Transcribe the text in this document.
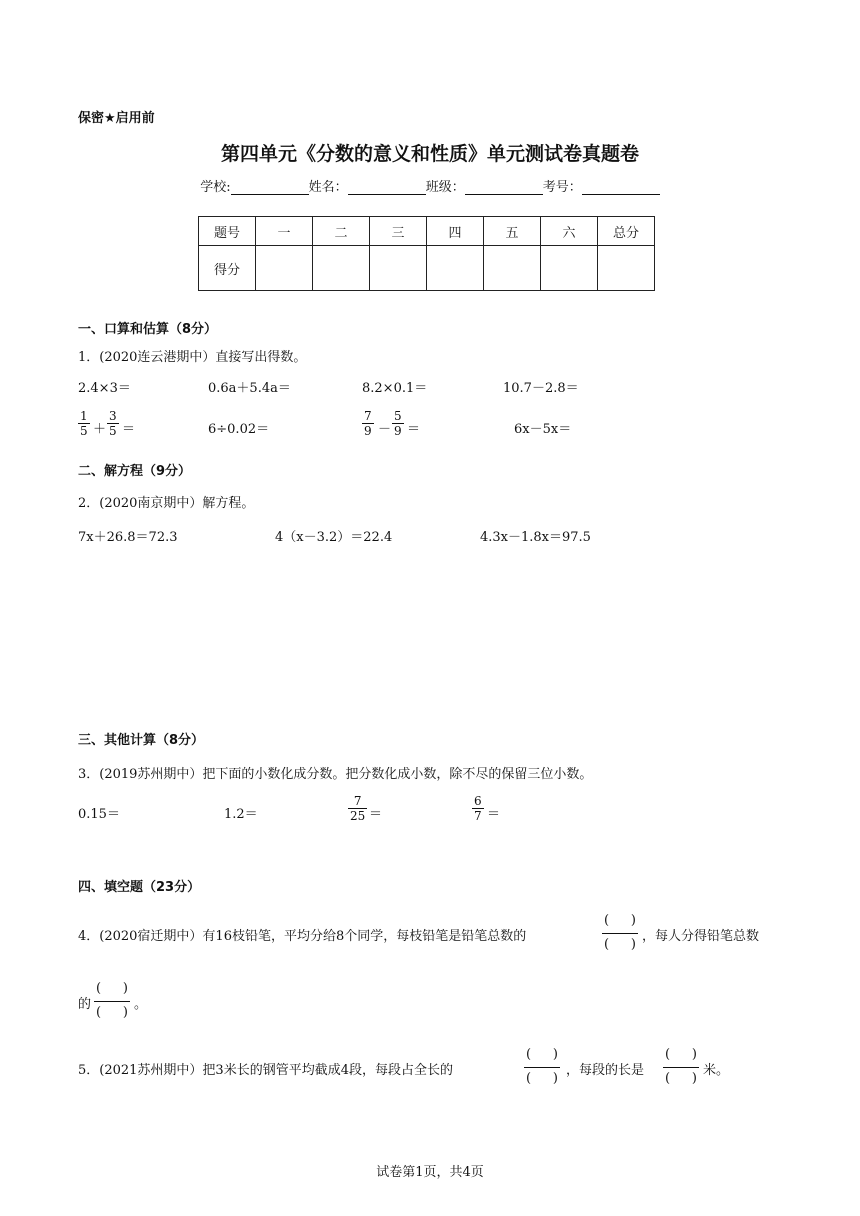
保密★启用前
第四单元《分数的意义和性质》单元测试卷真题卷
学校:	姓名：	班级：	考号：
题号	一	二	三	四	五	六	总分
得分							
一、口算和估算（8分）
1．(2020连云港期中）直接写出得数。
2.4×3＝	0.6a＋5.4a＝	8.2×0.1＝	10.7－2.8＝
1
5 ＋
3
5 ＝	6÷0.02＝
7
9 －
5
9 ＝	6x－5x＝
二、解方程（9分）
2．(2020南京期中）解方程。
7x＋26.8＝72.3	4（x－3.2）＝22.4	4.3x－1.8x＝97.5
三、其他计算（8分）
3．(2019苏州期中）把下面的小数化成分数。把分数化成小数，除不尽的保留三位小数。
0.15＝	1.2＝
7
25 ＝
6
7 ＝
四、填空题（23分）
4．(2020宿迁期中）有16枝铅笔，平均分给8个同学，每枝铅笔是铅笔总数的
( )
( )
，每人分得铅笔总数
的
( )
( )
。
5．(2021苏州期中）把3米长的钢管平均截成4段，每段占全长的
( )
( )
，每段的长是
( )
( )
米。
试卷第1页，共4页
